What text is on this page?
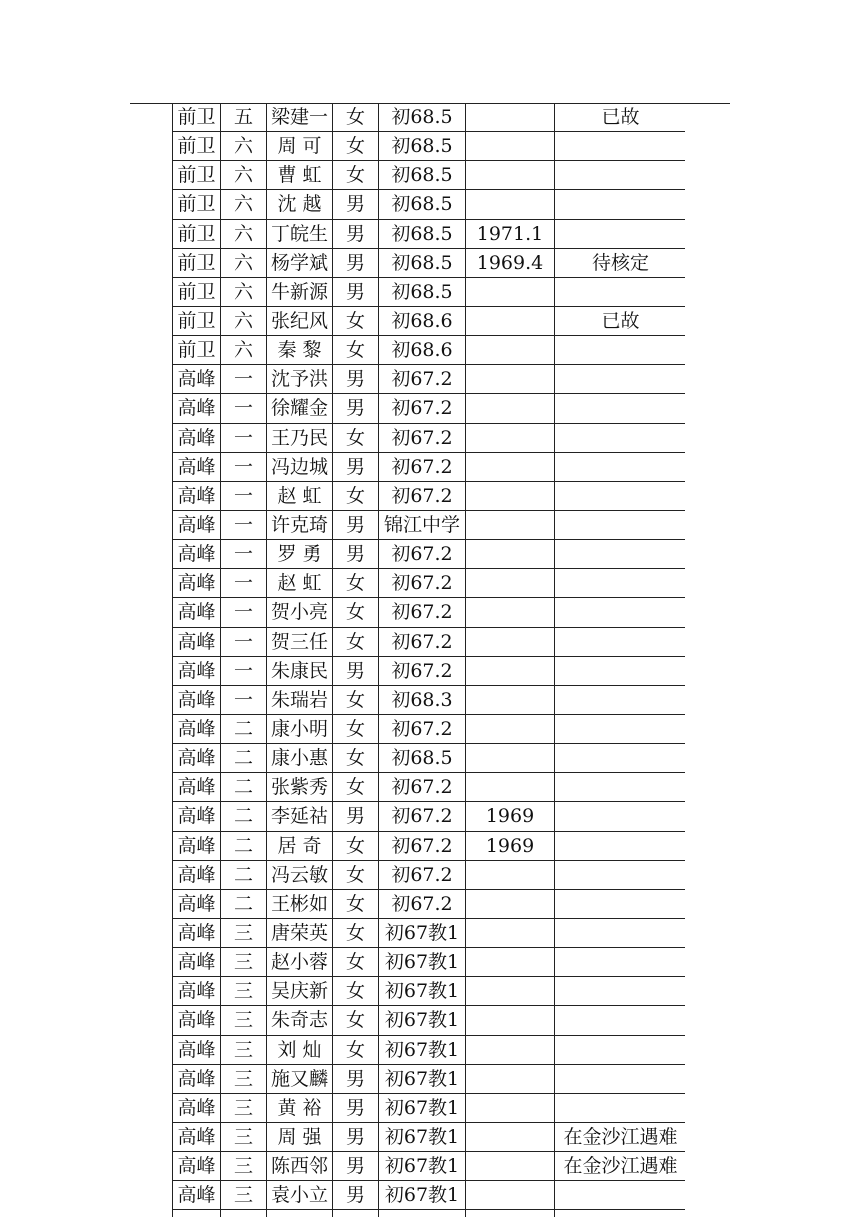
前卫	五	梁建一	女	初68.5		已故
前卫	六	周 可	女	初68.5		
前卫	六	曹 虹	女	初68.5		
前卫	六	沈 越	男	初68.5		
前卫	六	丁皖生	男	初68.5	1971.1	
前卫	六	杨学斌	男	初68.5	1969.4	待核定
前卫	六	牛新源	男	初68.5		
前卫	六	张纪风	女	初68.6		已故
前卫	六	秦 黎	女	初68.6		
高峰	一	沈予洪	男	初67.2		
高峰	一	徐耀金	男	初67.2		
高峰	一	王乃民	女	初67.2		
高峰	一	冯边城	男	初67.2		
高峰	一	赵 虹	女	初67.2		
高峰	一	许克琦	男	锦江中学		
高峰	一	罗 勇	男	初67.2		
高峰	一	赵 虹	女	初67.2		
高峰	一	贺小亮	女	初67.2		
高峰	一	贺三任	女	初67.2		
高峰	一	朱康民	男	初67.2		
高峰	一	朱瑞岩	女	初68.3		
高峰	二	康小明	女	初67.2		
高峰	二	康小惠	女	初68.5		
高峰	二	张紫秀	女	初67.2		
高峰	二	李延祜	男	初67.2	1969	
高峰	二	居 奇	女	初67.2	1969	
高峰	二	冯云敏	女	初67.2		
高峰	二	王彬如	女	初67.2		
高峰	三	唐荣英	女	初67教1		
高峰	三	赵小蓉	女	初67教1		
高峰	三	吴庆新	女	初67教1		
高峰	三	朱奇志	女	初67教1		
高峰	三	刘 灿	女	初67教1		
高峰	三	施又麟	男	初67教1		
高峰	三	黄 裕	男	初67教1		
高峰	三	周 强	男	初67教1		在金沙江遇难
高峰	三	陈西邻	男	初67教1		在金沙江遇难
高峰	三	袁小立	男	初67教1		
